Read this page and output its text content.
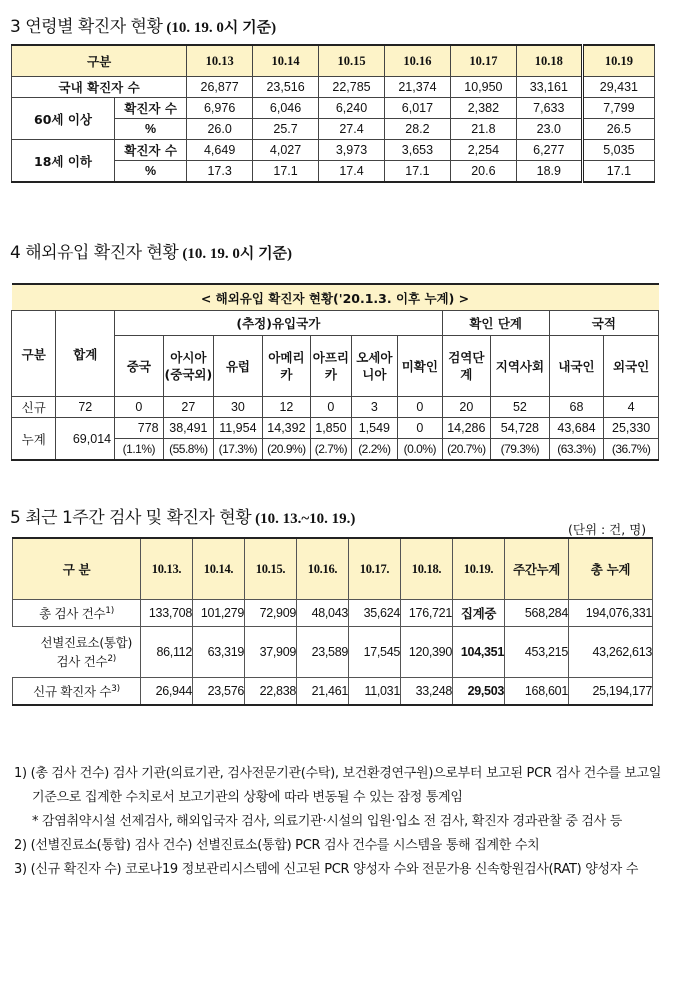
3 연령별 확진자 현황 (10. 19. 0시 기준)
구분		10.13	10.14	10.15	10.16	10.17	10.18	10.19
국내 확진자 수		26,877	23,516	22,785	21,374	10,950	33,161	29,431
60세 이상	확진자 수	6,976	6,046	6,240	6,017	2,382	7,633	7,799
	%	26.0	25.7	27.4	28.2	21.8	23.0	26.5
18세 이하	확진자 수	4,649	4,027	3,973	3,653	2,254	6,277	5,035
	%	17.3	17.1	17.4	17.1	20.6	18.9	17.1
4 해외유입 확진자 현황 (10. 19. 0시 기준)
< 해외유입 확진자 현황('20.1.3. 이후 누계) >												
구분	합계	(추정)유입국가							확인 단계		국적	
		중국	아시아(중국외)	유럽	아메리카	아프리카	오세아니아	미확인	검역단계	지역사회	내국인	외국인
신규	72	0	27	30	12	0	3	0	20	52	68	4
누계	69,014	778	38,491	11,954	14,392	1,850	1,549	0	14,286	54,728	43,684	25,330
		(1.1%)	(55.8%)	(17.3%)	(20.9%)	(2.7%)	(2.2%)	(0.0%)	(20.7%)	(79.3%)	(63.3%)	(36.7%)
5 최근 1주간 검사 및 확진자 현황 (10. 13.~10. 19.)
(단위 : 건, 명)
구 분	10.13.	10.14.	10.15.	10.16.	10.17.	10.18.	10.19.	주간누계	총 누계
총 검사 건수$^{1)}$	133,708	101,279	72,909	48,043	35,624	176,721	집계중	568,284	194,076,331

선별진료소(통합)
검사 건수$^{2)}$	86,112	63,319	37,909	23,589	17,545	120,390	104,351	453,215	43,262,613
신규 확진자 수$^{3)}$	26,944	23,576	22,838	21,461	11,031	33,248	29,503	168,601	25,194,177

1) (총 검사 건수) 검사 기관(의료기관, 검사전문기관(수탁), 보건환경연구원)으로부터 보고된 PCR 검사 건수를 보고일 기준으로 집계한 수치로서 보고기관의 상황에 따라 변동될 수 있는 잠정 통계임

* 감염취약시설 선제검사, 해외입국자 검사, 의료기관·시설의 입원·입소 전 검사, 확진자 경과관찰 중 검사 등

2) (선별진료소(통합) 검사 건수) 선별진료소(통합) PCR 검사 건수를 시스템을 통해 집계한 수치

3) (신규 확진자 수) 코로나19 정보관리시스템에 신고된 PCR 양성자 수와 전문가용 신속항원검사(RAT) 양성자 수
